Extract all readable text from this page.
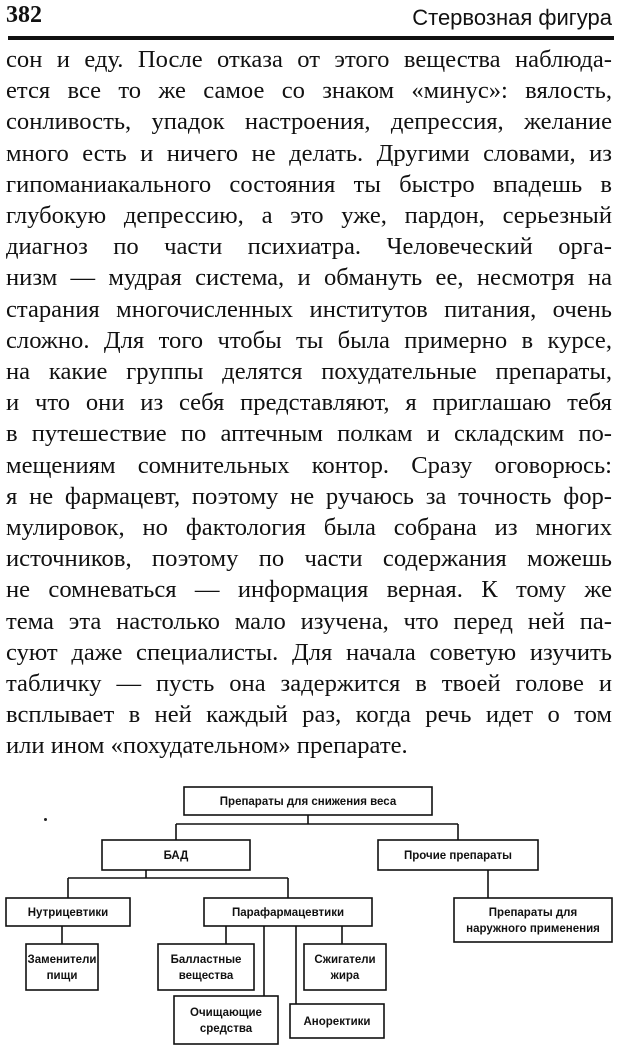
382	Стервозная фигура
сон и еду. После отказа от этого вещества наблюда-
ется все то же самое со знаком «минус»: вялость,
сонливость, упадок настроения, депрессия, желание
много есть и ничего не делать. Другими словами, из
гипоманиакального состояния ты быстро впадешь в
глубокую депрессию, а это уже, пардон, серьезный
диагноз по части психиатра. Человеческий орга-
низм — мудрая система, и обмануть ее, несмотря на
старания многочисленных институтов питания, очень
сложно. Для того чтобы ты была примерно в курсе,
на какие группы делятся похудательные препараты,
и что они из себя представляют, я приглашаю тебя
в путешествие по аптечным полкам и складским по-
мещениям сомнительных контор. Сразу оговорюсь:
я не фармацевт, поэтому не ручаюсь за точность фор-
мулировок, но фактология была собрана из многих
источников, поэтому по части содержания можешь
не сомневаться — информация верная. К тому же
тема эта настолько мало изучена, что перед ней па-
суют даже специалисты. Для начала советую изучить
табличку — пусть она задержится в твоей голове и
всплывает в ней каждый раз, когда речь идет о том
или ином «похудательном» препарате.
Препараты для снижения веса
БАД	Прочие препараты
Нутрицевтики	Парафармацевтики	Препараты для
наружного применения
Заменители
пищи
Балластные
вещества
Сжигатели
жира
Очищающие
средства
Аноректики
